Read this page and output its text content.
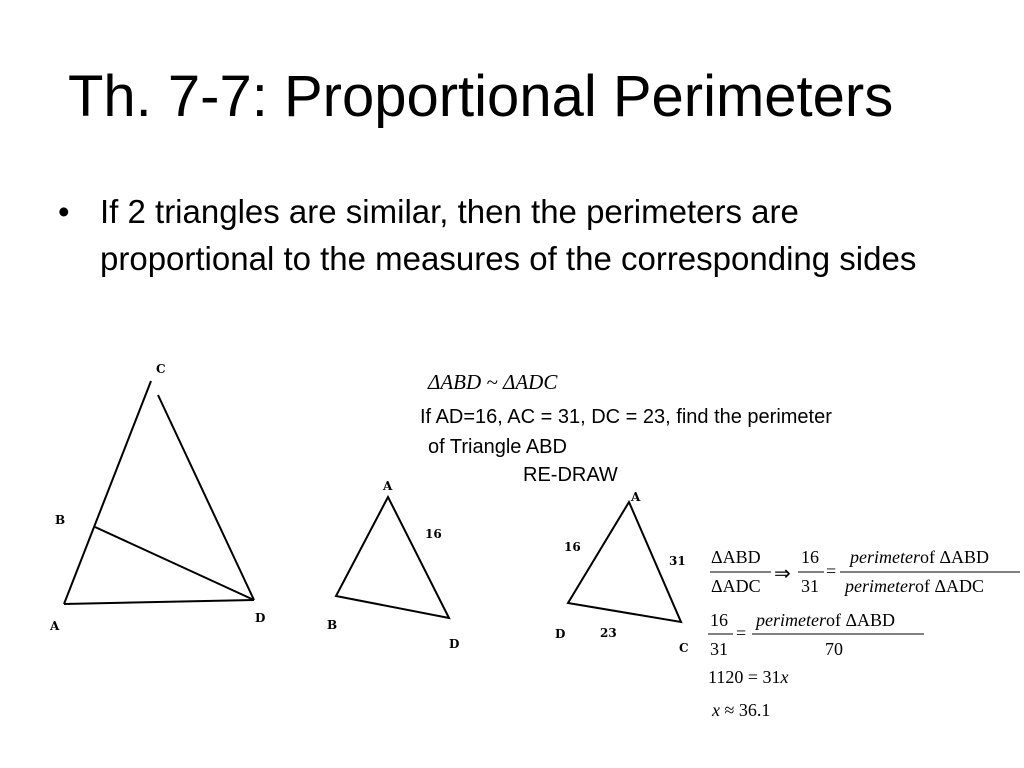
Th. 7-7: Proportional Perimeters
• If 2 triangles are similar, then the perimeters are proportional to the measures of the corresponding sides
C
B
A
D
A
B
D
16
A
D
C
16
31
23
ΔABD ~ ΔADC
If AD=16, AC = 31, DC = 23, find the perimeter
of Triangle ABD
RE-DRAW
ΔABD
ΔADC
⇒
16
31
=
perimeterof ΔABD
perimeterof ΔADC
16
31
=
perimeterof ΔABD
70
1120 = 31x
x ≈ 36.1
